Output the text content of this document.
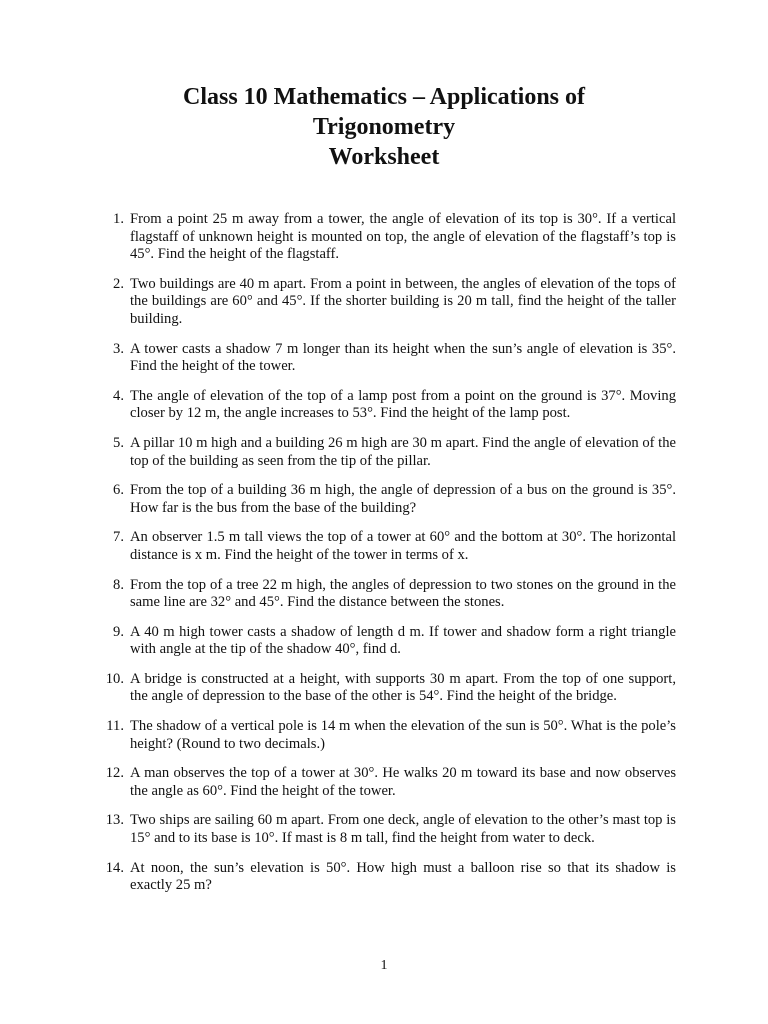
Class 10 Mathematics – Applications of
Trigonometry
Worksheet
1. From a point 25 m away from a tower, the angle of elevation of its top is 30°. If a vertical flagstaff of unknown height is mounted on top, the angle of elevation of the flagstaff’s top is 45°. Find the height of the flagstaff.
2. Two buildings are 40 m apart. From a point in between, the angles of elevation of the tops of the buildings are 60° and 45°. If the shorter building is 20 m tall, find the height of the taller building.
3. A tower casts a shadow 7 m longer than its height when the sun’s angle of elevation is 35°. Find the height of the tower.
4. The angle of elevation of the top of a lamp post from a point on the ground is 37°. Moving closer by 12 m, the angle increases to 53°. Find the height of the lamp post.
5. A pillar 10 m high and a building 26 m high are 30 m apart. Find the angle of elevation of the top of the building as seen from the tip of the pillar.
6. From the top of a building 36 m high, the angle of depression of a bus on the ground is 35°. How far is the bus from the base of the building?
7. An observer 1.5 m tall views the top of a tower at 60° and the bottom at 30°. The horizontal distance is x m. Find the height of the tower in terms of x.
8. From the top of a tree 22 m high, the angles of depression to two stones on the ground in the same line are 32° and 45°. Find the distance between the stones.
9. A 40 m high tower casts a shadow of length d m. If tower and shadow form a right triangle with angle at the tip of the shadow 40°, find d.
10. A bridge is constructed at a height, with supports 30 m apart. From the top of one support, the angle of depression to the base of the other is 54°. Find the height of the bridge.
11. The shadow of a vertical pole is 14 m when the elevation of the sun is 50°. What is the pole’s height? (Round to two decimals.)
12. A man observes the top of a tower at 30°. He walks 20 m toward its base and now observes the angle as 60°. Find the height of the tower.
13. Two ships are sailing 60 m apart. From one deck, angle of elevation to the other’s mast top is 15° and to its base is 10°. If mast is 8 m tall, find the height from water to deck.
14. At noon, the sun’s elevation is 50°. How high must a balloon rise so that its shadow is exactly 25 m?
1
